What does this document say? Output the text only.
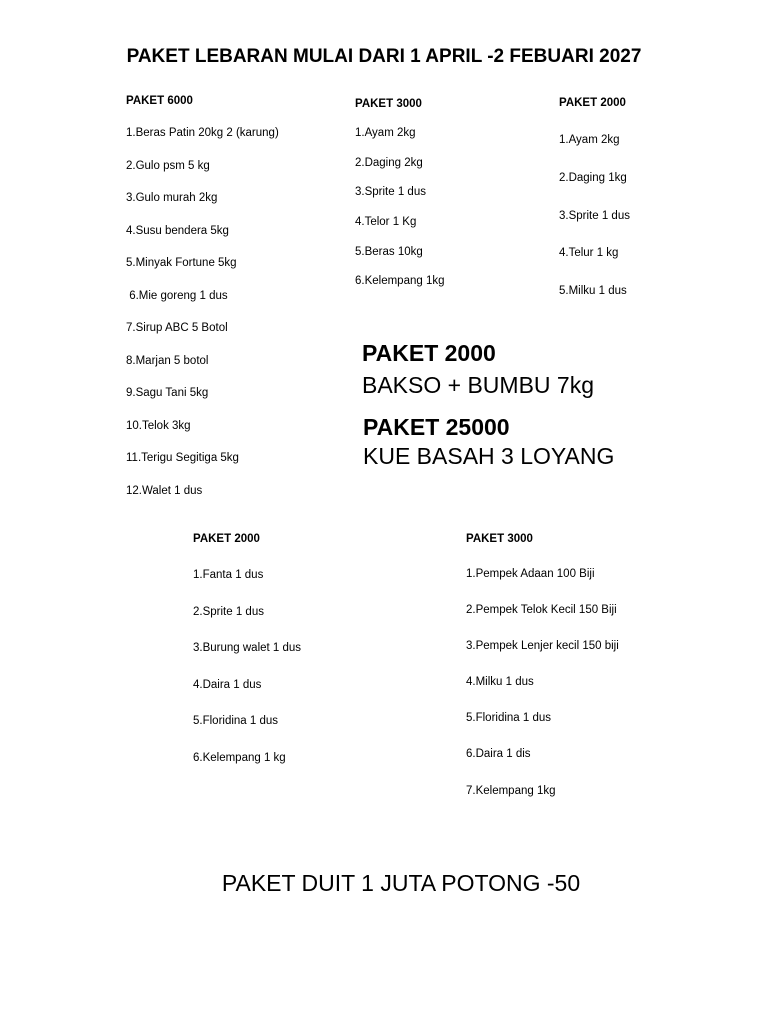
PAKET LEBARAN MULAI DARI 1 APRIL -2 FEBUARI 2027
PAKET 6000
1.Beras Patin 20kg 2 (karung)
2.Gulo psm 5 kg
3.Gulo murah 2kg
4.Susu bendera 5kg
5.Minyak Fortune 5kg
6.Mie goreng 1 dus
7.Sirup ABC 5 Botol
8.Marjan 5 botol
9.Sagu Tani 5kg
10.Telok 3kg
11.Terigu Segitiga 5kg
12.Walet 1 dus
PAKET 3000
1.Ayam 2kg
2.Daging 2kg
3.Sprite 1 dus
4.Telor 1 Kg
5.Beras 10kg
6.Kelempang 1kg
PAKET 2000
1.Ayam 2kg
2.Daging 1kg
3.Sprite 1 dus
4.Telur 1 kg
5.Milku 1 dus
PAKET 2000
BAKSO + BUMBU 7kg
PAKET 25000
KUE BASAH 3 LOYANG
PAKET 2000
1.Fanta 1 dus
2.Sprite 1 dus
3.Burung walet 1 dus
4.Daira 1 dus
5.Floridina 1 dus
6.Kelempang 1 kg
PAKET 3000
1.Pempek Adaan 100 Biji
2.Pempek Telok Kecil 150 Biji
3.Pempek Lenjer kecil 150 biji
4.Milku 1 dus
5.Floridina 1 dus
6.Daira 1 dis
7.Kelempang 1kg
PAKET DUIT 1 JUTA POTONG -50
